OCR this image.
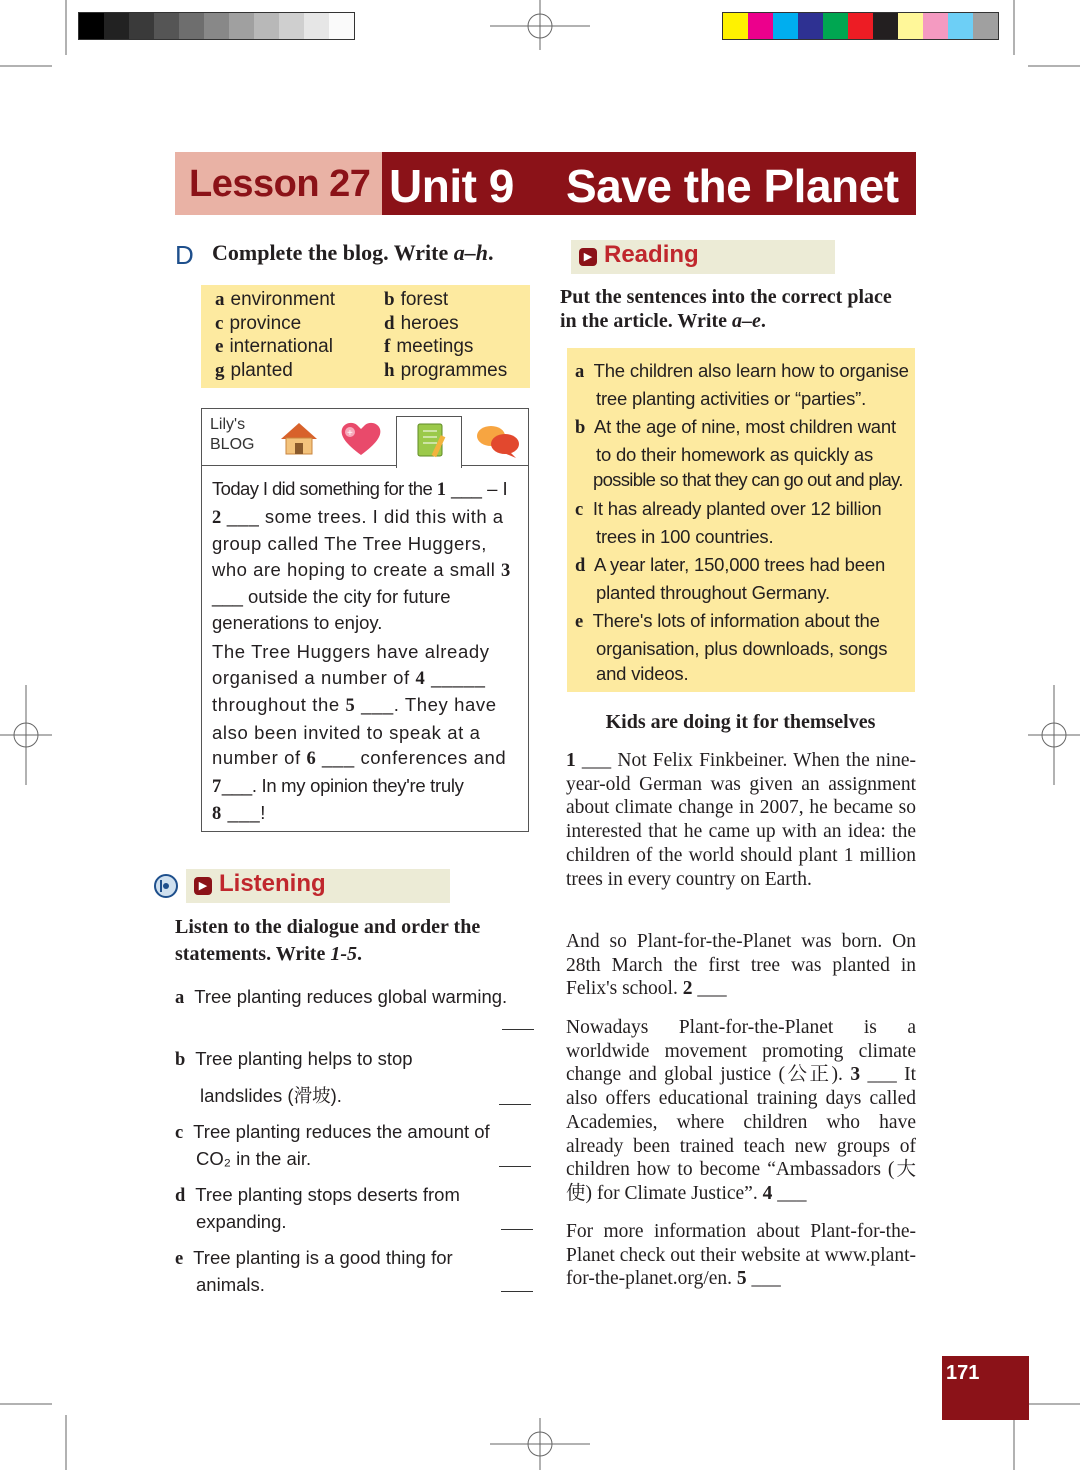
Lesson 27 Unit 9 Save the Planet
D Complete the blog. Write a–h.
a environment	b forest
c province	d heroes
e international	f meetings
g planted	h programmes
Lily's
BLOG
+
Today I did something for the 1 ___ – I
2 ___ some trees. I did this with a group called The Tree Huggers, who are hoping to create a small 3 ___ outside the city for future generations to enjoy.
The Tree Huggers have already organised a number of 4 _____ throughout the 5 ___. They have also been invited to speak at a number of 6 ___ conferences and 7___. In my opinion they're truly
8 ___!
▶ Listening
Listen to the dialogue and order the
statements. Write 1-5.
a Tree planting reduces global warming.
b Tree planting helps to stop
landslides (滑坡).
c Tree planting reduces the amount of
CO₂ in the air.
d Tree planting stops deserts from
expanding.
e Tree planting is a good thing for
animals.
▶ Reading
Put the sentences into the correct place
in the article. Write a–e.
a The children also learn how to organise
tree planting activities or “parties”.
b At the age of nine, most children want
to do their homework as quickly as
possible so that they can go out and play.
c It has already planted over 12 billion
trees in 100 countries.
d A year later, 150,000 trees had been
planted throughout Germany.
e There's lots of information about the
organisation, plus downloads, songs
and videos.
Kids are doing it for themselves
1 ___ Not Felix Finkbeiner. When the nine-year-old German was given an assignment about climate change in 2007, he became so interested that he came up with an idea: the children of the world should plant 1 million trees in every country on Earth.
And so Plant-for-the-Planet was born. On 28th March the first tree was planted in Felix's school. 2 ___
Nowadays Plant-for-the-Planet is a worldwide movement promoting climate change and global justice (公正). 3 ___ It also offers educational training days called Academies, where children who have already been trained teach new groups of children how to become “Ambassadors (大使) for Climate Justice”. 4 ___
For more information about Plant-for-the-Planet check out their website at www.plant-for-the-planet.org/en. 5 ___
171
